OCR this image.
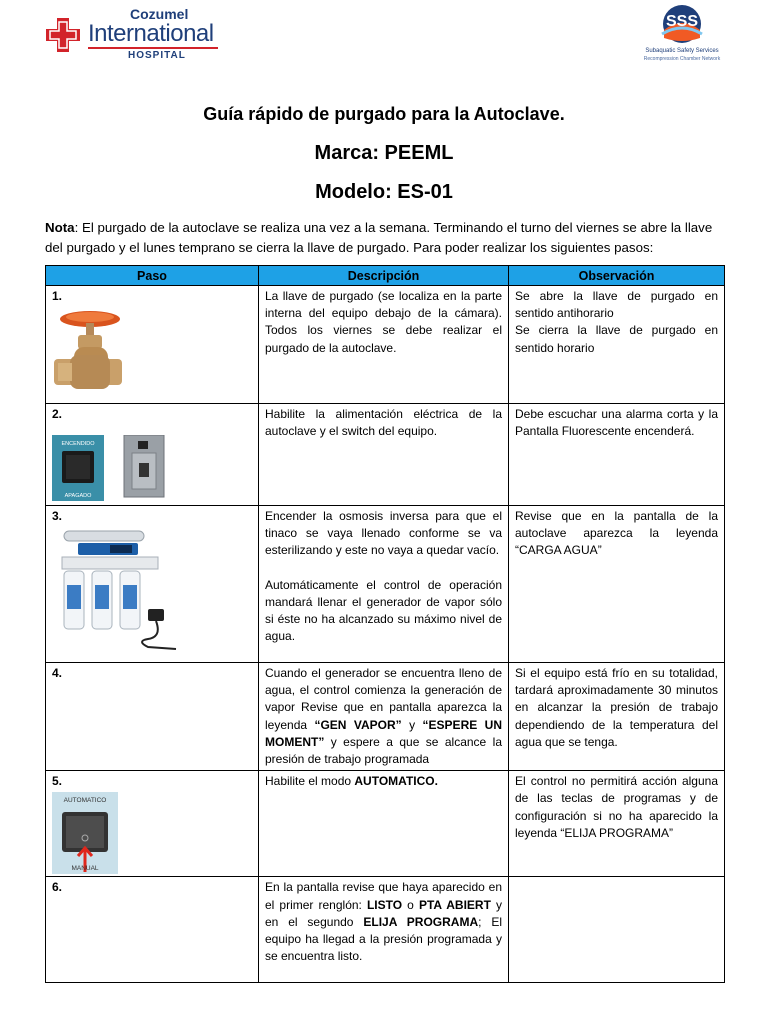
Cozumel
International
HOSPITAL
SSS
Subaquatic Safety Services
Recompression Chamber Network
Guía rápido de purgado para la Autoclave.
Marca: PEEML
Modelo: ES-01
Nota: El purgado de la autoclave se realiza una vez a la semana. Terminando el turno del viernes se abre la llave del purgado y el lunes temprano se cierra la llave de purgado. Para poder realizar los siguientes pasos:
Paso	Descripción	Observación

1.	La llave de purgado (se localiza en la parte interna del equipo debajo de la cámara). Todos los viernes se debe realizar el purgado de la autoclave.	Se abre la llave de purgado en sentido antihorario
Se cierra la llave de purgado en sentido horario

2.
ENCENDIDO
APAGADO	Habilite la alimentación eléctrica de la autoclave y el switch del equipo.	Debe escuchar una alarma corta y la Pantalla Fluorescente encenderá.

3.	Encender la osmosis inversa para que el tinaco se vaya llenado conforme se va esterilizando y este no vaya a quedar vacío.
Automáticamente el control de operación mandará llenar el generador de vapor sólo si éste no ha alcanzado su máximo nivel de agua.	Revise que en la pantalla de la autoclave aparezca la leyenda “CARGA AGUA”

4.	Cuando el generador se encuentra lleno de agua, el control comienza la generación de vapor Revise que en pantalla aparezca la leyenda “GEN VAPOR” y “ESPERE UN MOMENT” y espere a que se alcance la presión de trabajo programada	Si el equipo está frío en su totalidad, tardará aproximadamente 30 minutos en alcanzar la presión de trabajo dependiendo de la temperatura del agua que se tenga.

5.
AUTOMATICO
MANUAL	Habilite el modo AUTOMATICO.	El control no permitirá acción alguna de las teclas de programas y de configuración si no ha aparecido la leyenda “ELIJA PROGRAMA”

6.	En la pantalla revise que haya aparecido en el primer renglón: LISTO o PTA ABIERT y en el segundo ELIJA PROGRAMA; El equipo ha llegad a la presión programada y se encuentra listo.	
